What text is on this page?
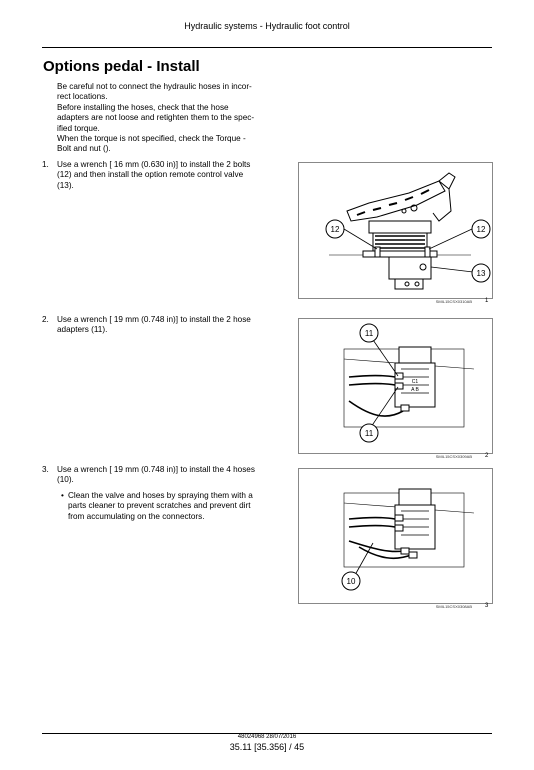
Hydraulic systems - Hydraulic foot control
Options pedal - Install
Be careful not to connect the hydraulic hoses in incor-
rect locations.
Before installing the hoses, check that the hose
adapters are not loose and retighten them to the spec-
ified torque.
When the torque is not specified, check the Torque -
Bolt and nut ().
1. Use a wrench [ 16 mm (0.630 in)] to install the 2 bolts
(12) and then install the option remote control valve
(13).
12	12
13
SMIL15CSX0310AB 1
2. Use a wrench [ 19 mm (0.748 in)] to install the 2 hose
adapters (11).
C1
A B
11
11
SMIL15CSX0309AB 2
3. Use a wrench [ 19 mm (0.748 in)] to install the 4 hoses
(10).
• Clean the valve and hoses by spraying them with a
parts cleaner to prevent scratches and prevent dirt
from accumulating on the connectors.
10
SMIL15CSX0308AB 3
48024968 28/07/2016
35.11 [35.356] / 45
